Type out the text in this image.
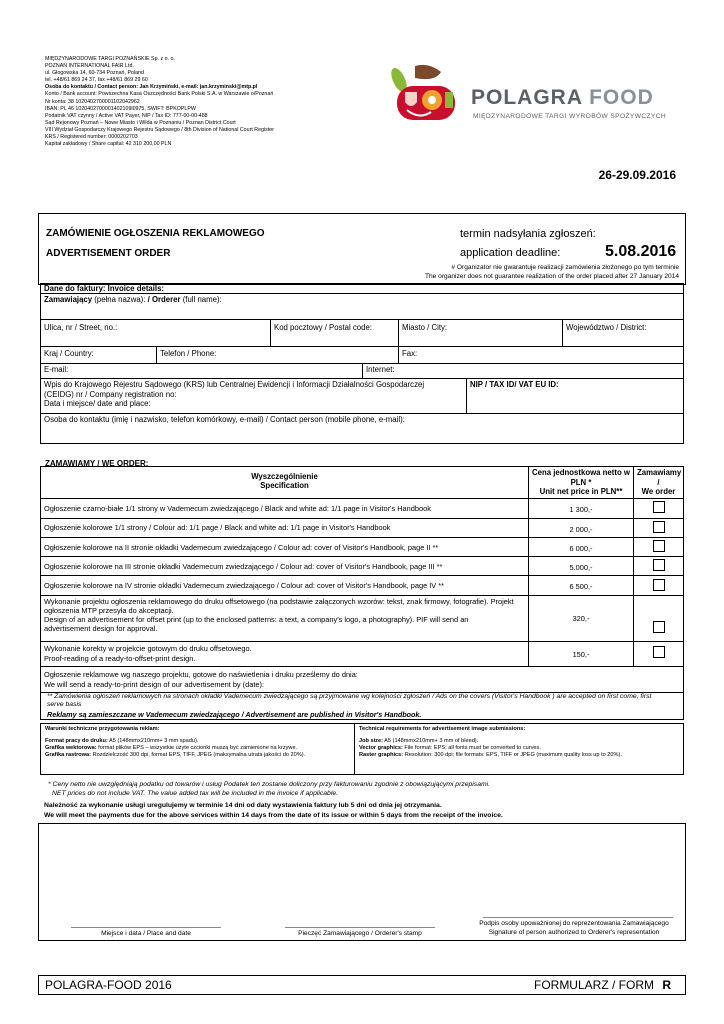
MIĘDZYNARODOWE TARGI POZNAŃSKIE Sp. z o. o.
POZNAN INTERNATIONAL FAIR Ltd.
ul. Głogowska 14, 60-734 Poznań, Poland
tel. +48/61 869 24 37, fax +48/61 869 29 60
Osoba do kontaktu / Contact person: Jan Krzymiński, e-mail: jan.krzyminski@mtp.pl
Konto / Bank account: Powszechna Kasa Oszczędności Bank Polski S.A. w Warszawie o/Poznań
Nr konta: 38 1020402700001102042962
IBAN: PL 46 1020402700001402109l0975, SWIFT: BPKOPLPW
Podatnik VAT czynny / Active VAT Payer, NIP / Tax ID: 777-00-00-488
Sąd Rejonowy Poznań – Nowe Miasto i Wilda w Poznaniu / Poznan District Court
VIII Wydział Gospodarczy Krajowego Rejestru Sądowego / 8th Division of National Court Register
KRS / Registered number: 0000202703
Kapitał zakładowy / Share capital: 42 310 200,00 PLN
POLAGRA FOOD
MIĘDZYNARODOWE TARGI WYROBÓW SPOŻYWCZYCH
26-29.09.2016
ZAMÓWIENIE OGŁOSZENIA REKLAMOWEGO
ADVERTISEMENT ORDER
termin nadsyłania zgłoszeń:
application deadline:	5.08.2016
# Organizator nie gwarantuje realizacji zamówienia złożonego po tym terminie
The organizer does not guarantee realization of the order placed after 27 January 2014
Dane do faktury: Invoice details:
Zamawiający (pełna nazwa): / Orderer (full name):
Ulica, nr / Street, no.:	Kod pocztowy / Postal code:	Miasto / City:	Województwo / District:
Kraj / Country:	Telefon / Phone:	Fax:
E-mail:	Internet:
Wpis do Krajowego Rejestru Sądowego (KRS) lub Centralnej Ewidencji i Informacji Działalności Gospodarczej
(CEIDG) nr / Company registration no:
Data i miejsce/ date and place:
NIP / TAX ID/ VAT EU ID:
Osoba do kontaktu (imię i nazwisko, telefon komórkowy, e-mail) / Contact person (mobile phone, e-mail):
ZAMAWIAMY / WE ORDER:
Wyszczególnienie
Specification
Cena jednostkowa netto w
PLN *
Unit net price in PLN**
Zamawiamy
/
We order
Ogłoszenie czarno-białe 1/1 strony w Vademecum zwiedzającego / Black and white ad: 1/1 page in Visitor's Handbook	1 300,-
Ogłoszenie kolorowe 1/1 strony / Colour ad: 1/1 page / Black and white ad: 1/1 page in Visitor's Handbook	2 000,-
Ogłoszenie kolorowe na II stronie okładki Vademecum zwiedzającego / Colour ad: cover of Visitor's Handbook, page II **	6 000,-
Ogłoszenie kolorowe na III stronie okładki Vademecum zwiedzającego / Colour ad: cover of Visitor's Handbook, page III **	5.000,-
Ogłoszenie kolorowe na IV stronie okładki Vademecum zwiedzającego / Colour ad: cover of Visitor's Handbook, page IV **	6 500,-
Wykonanie projektu ogłoszenia reklamowego do druku offsetowego (na podstawie załączonych wzorów: tekst, znak firmowy, fotografie). Projekt
ogłoszenia MTP przesyła do akceptacji.
Design of an advertisement for offset print (up to the enclosed patterns: a text, a company's logo, a photography). PIF will send an
advertisement design for approval.
320,-
Wykonanie korekty w projekcie gotowym do druku offsetowego.
Proof-reading of a ready-to-offset-print design.	150,-
Ogłoszenie reklamowe wg naszego projektu, gotowe do naświetlenia i druku prześlemy do dnia:
We will send a ready-to-print design of our advertisement by (date):
** Zamówienia ogłoszeń reklamowych na stronach okładki Vademecum zwiedzającego są przyjmowane wg kolejności zgłoszeń / Ads on the covers (Visitor's Handbook ) are accepted on first come, first
serve basis
Reklamy są zamieszczane w Vademecum zwiedzającego / Advertisement are published in Visitor's Handbook.
Warunki techniczne przygotowania reklam:
Format pracy do druku: A5 (148mmx210mm+ 3 mm spadu).
Grafika wektorowa: format plików EPS – wszystkie użyte czcionki muszą być zamienione na krzywe.
Grafika rastrowa: Rozdzielczość 300 dpi, format EPS, TIFF, JPEG (maksymalna utrata jakości do 20%).
Technical requirements for advertisement image submissions:
Job size: A5 (148mmx210mm+ 3 mm of bleed).
Vector graphics: File format: EPS; all fonts must be converted to curves.
Raster graphics: Resolution: 300 dpi; file formats: EPS, TIFF or JPEG (maximum quality loss up to 20%).
* Ceny netto nie uwzględniają podatku od towarów i usług Podatek ten zostanie doliczony przy fakturowaniu zgodnie z obowiązującymi przepisami.
NET prices do not include VAT. The value added tax will be included in the invoice if applicable.
Należność za wykonanie usługi uregulujemy w terminie 14 dni od daty wystawienia faktury lub 5 dni od dnia jej otrzymania.
We will meet the payments due for the above services within 14 days from the date of its issue or within 5 days from the receipt of the invoice.
Miejsce i data / Place and date	Pieczęć Zamawiającego / Orderer's stamp
Podpis osoby upoważnionej do reprezentowania Zamawiającego
Signature of person authorized to Orderer's representation
POLAGRA-FOOD 2016	FORMULARZ / FORM R
